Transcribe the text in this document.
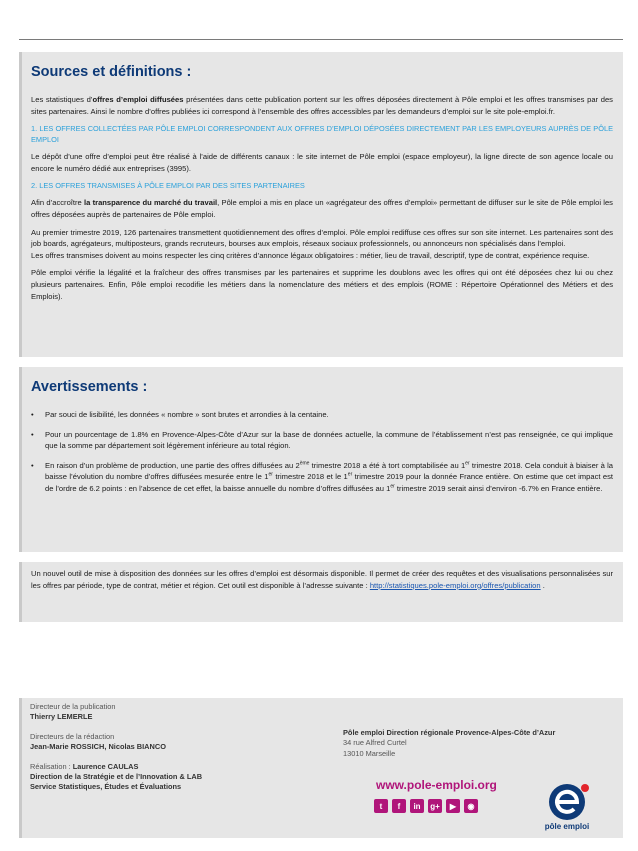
Sources et définitions :

Les statistiques d’offres d’emploi diffusées présentées dans cette publication portent sur les offres déposées directement à Pôle emploi et les offres transmises par des sites partenaires. Ainsi le nombre d’offres publiées ici correspond à l’ensemble des offres accessibles par les demandeurs d’emploi sur le site pole-emploi.fr.

1. LES OFFRES COLLECTÉES PAR PÔLE EMPLOI CORRESPONDENT AUX OFFRES D’EMPLOI DÉPOSÉES DIRECTEMENT PAR LES EMPLOYEURS AUPRÈS DE PÔLE EMPLOI

Le dépôt d’une offre d’emploi peut être réalisé à l’aide de différents canaux : le site internet de Pôle emploi (espace employeur), la ligne directe de son agence locale ou encore le numéro dédié aux entreprises (3995).

2. LES OFFRES TRANSMISES À PÔLE EMPLOI PAR DES SITES PARTENAIRES

Afin d’accroître la transparence du marché du travail, Pôle emploi a mis en place un «agrégateur des offres d’emploi» permettant de diffuser sur le site de Pôle emploi les offres déposées auprès de partenaires de Pôle emploi.

Au premier trimestre 2019, 126 partenaires transmettent quotidiennement des offres d’emploi. Pôle emploi rediffuse ces offres sur son site internet. Les partenaires sont des job boards, agrégateurs, multiposteurs, grands recruteurs, bourses aux emplois, réseaux sociaux professionnels, ou annonceurs non spécialisés dans l’emploi.

Les offres transmises doivent au moins respecter les cinq critères d’annonce légaux obligatoires : métier, lieu de travail, descriptif, type de contrat, expérience requise.

Pôle emploi vérifie la légalité et la fraîcheur des offres transmises par les partenaires et supprime les doublons avec les offres qui ont été déposées chez lui ou chez plusieurs partenaires. Enfin, Pôle emploi recodifie les métiers dans la nomenclature des métiers et des emplois (ROME : Répertoire Opérationnel des Métiers et des Emplois).

Avertissements :
• Par souci de lisibilité, les données « nombre » sont brutes et arrondies à la centaine.
• Pour un pourcentage de 1.8% en Provence-Alpes-Côte d’Azur sur la base de données actuelle, la commune de l’établissement n’est pas renseignée, ce qui implique que la somme par département soit légèrement inférieure au total région.
• En raison d’un problème de production, une partie des offres diffusées au 2ème trimestre 2018 a été à tort comptabilisée au 1er trimestre 2018. Cela conduit à biaiser à la baisse l’évolution du nombre d’offres diffusées mesurée entre le 1er trimestre 2018 et le 1er trimestre 2019 pour la donnée France entière. On estime que cet impact est de l’ordre de 6.2 points : en l’absence de cet effet, la baisse annuelle du nombre d’offres diffusées au 1er trimestre 2019 serait ainsi d’environ -6.7% en France entière.

Un nouvel outil de mise à disposition des données sur les offres d’emploi est désormais disponible. Il permet de créer des requêtes et des visualisations personnalisées sur les offres par période, type de contrat, métier et région. Cet outil est disponible à l’adresse suivante : http://statistiques.pole-emploi.org/offres/publication .

Directeur de la publication
Thierry LEMERLE
Directeurs de la rédaction
Jean-Marie ROSSICH, Nicolas BIANCO
Réalisation : Laurence CAULAS
Direction de la Stratégie et de l’Innovation & LAB
Service Statistiques, Études et Évaluations
Pôle emploi Direction régionale Provence-Alpes-Côte d’Azur
34 rue Alfred Curtel
13010 Marseille
www.pole-emploi.org
t	f	in	g+	▶	◉
pôle emploi
